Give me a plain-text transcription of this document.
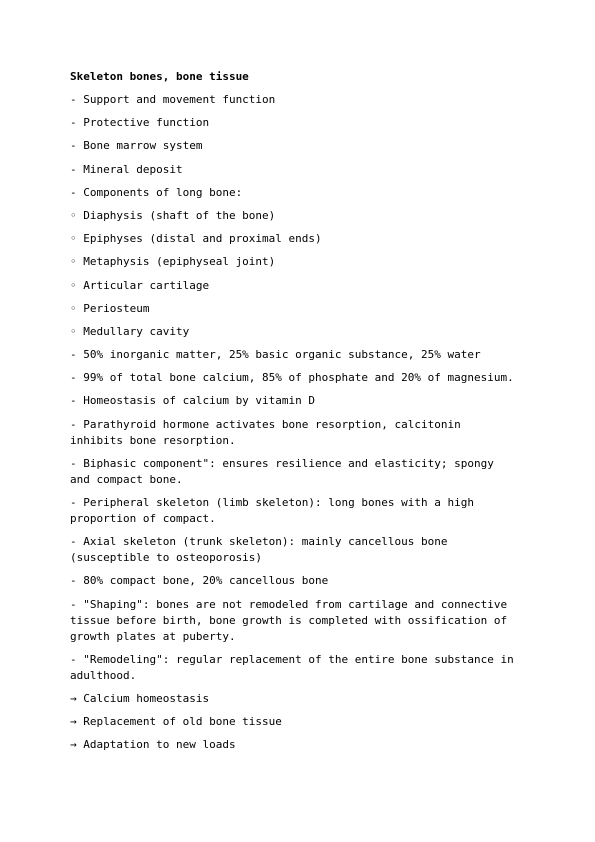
Skeleton bones, bone tissue
- Support and movement function
- Protective function
- Bone marrow system
- Mineral deposit
- Components of long bone:
◦ Diaphysis (shaft of the bone)
◦ Epiphyses (distal and proximal ends)
◦ Metaphysis (epiphyseal joint)
◦ Articular cartilage
◦ Periosteum
◦ Medullary cavity
- 50% inorganic matter, 25% basic organic substance, 25% water
- 99% of total bone calcium, 85% of phosphate and 20% of magnesium.
- Homeostasis of calcium by vitamin D
- Parathyroid hormone activates bone resorption, calcitonin inhibits bone resorption.
- Biphasic component": ensures resilience and elasticity; spongy and compact bone.
- Peripheral skeleton (limb skeleton): long bones with a high proportion of compact.
- Axial skeleton (trunk skeleton): mainly cancellous bone (susceptible to osteoporosis)
- 80% compact bone, 20% cancellous bone
- "Shaping": bones are not remodeled from cartilage and connective tissue before birth, bone growth is completed with ossification of growth plates at puberty.
- "Remodeling": regular replacement of the entire bone substance in adulthood.
→ Calcium homeostasis
→ Replacement of old bone tissue
→ Adaptation to new loads
